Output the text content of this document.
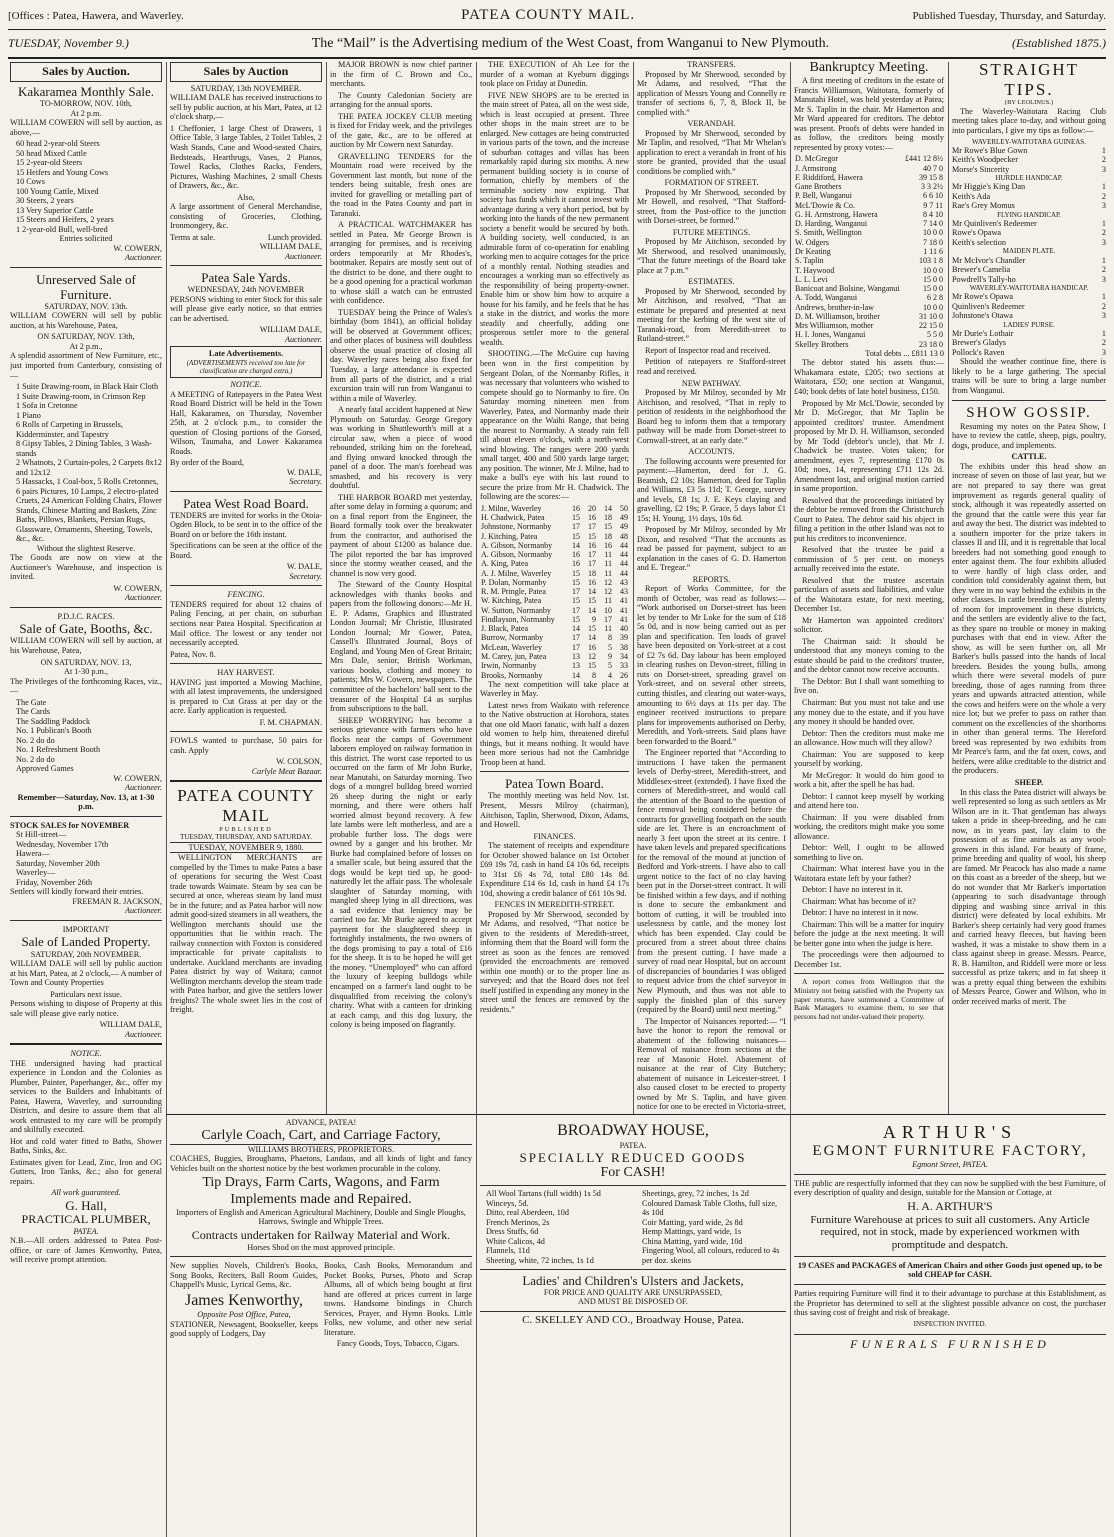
[Offices : Patea, Hawera, and Waverley.	PATEA COUNTY MAIL.	Published Tuesday, Thursday, and Saturday.
TUESDAY, November 9.)	The “Mail” is the Advertising medium of the West Coast, from Wanganui to New Plymouth.	(Established 1875.)
Sales by Auction.
Kakaramea Monthly Sale.
TO-MORROW, NOV. 10th,
At 2 p.m.

WILLIAM COWERN will sell by auction, as above,—

60 head 2-year-old Steers
50 head Mixed Cattle
15 2-year-old Steers
15 Heifers and Young Cows
10 Cows
100 Young Cattle, Mixed
30 Steers, 2 years
13 Very Superior Cattle
15 Steers and Heifers, 2 years
1 2-year-old Bull, well-bred
Entries solicited
W. COWERN,
Auctioneer.
Unreserved Sale of Furniture.
SATURDAY, NOV. 13th.

WILLIAM COWERN will sell by public auction, at his Warehouse, Patea,

ON SATURDAY, NOV. 13th,
At 2 p.m.,

A splendid assortment of New Furniture, etc., just imported from Canterbury, consisting of—

1 Suite Drawing-room, in Black Hair Cloth
1 Suite Drawing-room, in Crimson Rep
1 Sofa in Cretonne
1 Piano
6 Rolls of Carpeting in Brussels, Kidderminster, and Tapestry
8 Gipsy Tables, 2 Dining Tables, 3 Wash-stands
2 Whatnots, 2 Curtain-poles, 2 Carpets 8x12 and 12x12
5 Hassacks, 1 Coal-box, 5 Rolls Cretonnes, 6 pairs Pictures, 10 Lamps, 2 electro-plated Cruets, 24 American Folding Chairs, Flower Stands, Chinese Matting and Baskets, Zinc Baths, Pillows, Blankets, Persian Rugs, Glassware, Ornaments, Sheeting, Towels, &c., &c.
Without the slightest Reserve.

The Goods are now on view at the Auctioneer's Warehouse, and inspection is invited.

W. COWERN,
Auctioneer.
P.D.J.C. RACES.
Sale of Gate, Booths, &c.

WILLIAM COWERN will sell by auction, at his Warehouse, Patea,

ON SATURDAY, NOV. 13,
At 1-30 p.m.,

The Privileges of the forthcoming Races, viz.,—

The Gate
The Cards
The Saddling Paddock
No. 1 Publican's Booth
No. 2 do do
No. 1 Refreshment Booth
No. 2 do do
Approved Games
W. COWERN,
Auctioneer.
Remember—Saturday, Nov. 13, at 1-30 p.m.
STOCK SALES for NOVEMBER
St Hill-street—
Wednesday, November 17th
Hawera—
Saturday, November 20th
Waverley—
Friday, November 26th
Settlers will kindly forward their entries.
FREEMAN R. JACKSON,
Auctioneer.
IMPORTANT
Sale of Landed Property.
SATURDAY, 20th NOVEMBER.

WILLIAM DALE will sell by public auction at his Mart, Patea, at 2 o'clock,— A number of Town and County Properties

Particulars next issue.

Persons wishing to dispose of Property at this sale will please give early notice.

WILLIAM DALE,
Auctioneer.
NOTICE.

THE undersigned having had practical experience in London and the Colonies as Plumber, Painter, Paperhanger, &c., offer my services to the Builders and Inhabitants of Patea, Hawera, Waverley, and surrounding Districts, and desire to assure them that all work entrusted to my care will be promptly and skilfully executed.

Hot and cold water fitted to Baths, Shower Baths, Sinks, &c.

Estimates given for Lead, Zinc, Iron and OG Gutters, Iron Tanks, &c.; also for general repairs.

All work guaranteed.
G. Hall,
PRACTICAL PLUMBER,
PATEA.

N.B.—All orders addressed to Patea Post-office, or care of James Kenworthy, Patea, will receive prompt attention.

Sales by Auction
SATURDAY, 13th NOVEMBER.

WILLIAM DALE has received instructions to sell by public auction, at his Mart, Patea, at 12 o'clock sharp,—

1 Cheffonier, 1 large Chest of Drawers, 1 Office Table, 3 large Tables, 2 Toilet Tables, 2 Wash Stands, Cane and Wood-seated Chairs, Bedsteads, Hearthrugs, Vases, 2 Pianos, Towel Racks, Clothes Racks, Fenders, Pictures, Washing Machines, 2 small Chests of Drawers, &c., &c.

Also,

A large assortment of General Merchandise, consisting of Groceries, Clothing, Ironmongery, &c.

Terms at sale.	Lunch provided.
WILLIAM DALE,
Auctioneer.
Patea Sale Yards.
WEDNESDAY, 24th NOVEMBER

PERSONS wishing to enter Stock for this sale will please give early notice, so that entries can be advertised.

WILLIAM DALE,
Auctioneer.
Late Advertisements.
(ADVERTISEMENTS received too late for classification are charged extra.)
NOTICE.

A MEETING of Ratepayers in the Patea West Road Board District will be held in the Town Hall, Kakaramea, on Thursday, November 25th, at 2 o'clock p.m., to consider the question of Closing portions of the Gorsed, Wilson, Taumaha, and Lower Kakaramea Roads.

By order of the Board,
W. DALE,
Secretary.
Patea West Road Board.

TENDERS are invited for works in the Otoia-Ogden Block, to be sent in to the office of the Board on or before the 16th instant.

Specifications can be seen at the office of the Board.

W. DALE,
Secretary.
FENCING.

TENDERS required for about 12 chains of Paling Fencing, at per chain, on suburban sections near Patea Hospital. Specification at Mail office. The lowest or any tender not necessarily accepted.

Patea, Nov. 8.
HAY HARVEST.

HAVING just imported a Mowing Machine, with all latest improvements, the undersigned is prepared to Cut Grass at per day or the acre. Early application is requested.

F. M. CHAPMAN.

FOWLS wanted to purchase, 50 pairs for cash. Apply

W. COLSON,
Carlyle Meat Bazaar.
PATEA COUNTY MAIL
PUBLISHED
TUESDAY, THURSDAY, AND SATURDAY.
TUESDAY, NOVEMBER 9, 1880.

WELLINGTON MERCHANTS are compelled by the Times to make Patea a base of operations for securing the West Coast trade towards Waimate. Steam by sea can be secured at once, whereas steam by land must be in the future; and as Patea harbor will now admit good-sized steamers in all weathers, the Wellington merchants should use the opportunities that lie within reach. The railway connection with Foxton is considered impracticable for private capitalists to undertake. Auckland merchants are invading Patea district by way of Waitara; cannot Wellington merchants develop the steam trade with Patea harbor, and give the settlers lower freights? The whole sweet lies in the cost of freight.

MAJOR BROWN is now chief partner in the firm of C. Brown and Co., merchants.

The County Caledonian Society are arranging for the annual sports.

THE PATEA JOCKEY CLUB meeting is fixed for Friday week, and the privileges of the gate, &c., are to be offered at auction by Mr Cowern next Saturday.

GRAVELLING TENDERS for the Mountain road were received by the Government last month, but none of the tenders being suitable, fresh ones are invited for gravelling or metalling part of the road in the Patea County and part in Taranaki.

A PRACTICAL WATCHMAKER has settled in Patea. Mr George Brown is arranging for premises, and is receiving orders temporarily at Mr Rhodes's, bootmaker. Repairs are mostly sent out of the district to be done, and there ought to be a good opening for a practical workman to whose skill a watch can be entrusted with confidence.

TUESDAY being the Prince of Wales's birthday (born 1841), an official holiday will be observed at Government offices; and other places of business will doubtless observe the usual practice of closing all day. Waverley races being also fixed for Tuesday, a large attendance is expected from all parts of the district, and a trial excursion train will run from Wanganui to within a mile of Waverley.

A nearly fatal accident happened at New Plymouth on Saturday. George Gregory was working in Shuttleworth's mill at a circular saw, when a piece of wood rebounded, striking him on the forehead, and flying onward knocked through the panel of a door. The man's forehead was smashed, and his recovery is very doubtful.

THE HARBOR BOARD met yesterday, after some delay in forming a quorum; and on a final report from the Engineer, the Board formally took over the breakwater from the contractor, and authorised the payment of about £1200 as balance due. The pilot reported the bar has improved since the stormy weather ceased, and the channel is now very good.

The Steward of the County Hospital acknowledges with thanks books and papers from the following donors:—Mr H. E. P. Adams, Graphics and Illustrated London Journal; Mr Christie, Illustrated London Journal; Mr Gower, Patea, Cassell's Illustrated Journal, Boys of England, and Young Men of Great Britain; Mrs Dale, senior, British Workman, various books, clothing and money to patients; Mrs W. Cowern, newspapers. The committee of the bachelors' ball sent to the treasurer of the Hospital £4 as surplus from subscriptions to the ball.

SHEEP WORRYING has become a serious grievance with farmers who have flocks near the camps of Government laborers employed on railway formation in this district. The worst case reported to us occurred on the farm of Mr John Burke, near Manutahi, on Saturday morning. Two dogs of a mongrel bulldog breed worried 26 sheep during the night or early morning, and there were others half worried almost beyond recovery. A few late lambs were left motherless, and are a probable further loss. The dogs were owned by a ganger and his brother. Mr Burke had complained before of losses on a smaller scale, but being assured that the dogs would be kept tied up, he good-naturedly let the affair pass. The wholesale slaughter of Saturday morning, with mangled sheep lying in all directions, was a sad evidence that leniency may be carried too far. Mr Burke agreed to accept payment for the slaughtered sheep in fortnightly instalments, the two owners of the dogs promising to pay a total of £16 for the sheep. It is to be hoped he will get the money. “Unemployed” who can afford the luxury of keeping bulldogs while encamped on a farmer's land ought to be disqualified from receiving the colony's charity. What with a canteen for drinking at each camp, and this dog luxury, the colony is being imposed on flagrantly.

THE EXECUTION of Ah Lee for the murder of a woman at Kyeburn diggings took place on Friday at Dunedin.

FIVE NEW SHOPS are to be erected in the main street of Patea, all on the west side, which is least occupied at present. Three other shops in the main street are to be enlarged. New cottages are being constructed in various parts of the town, and the increase of suburban cottages and villas has been remarkably rapid during six months. A new permanent building society is in course of formation, chiefly by members of the terminable society now expiring. That society has funds which it cannot invest with advantage during a very short period, but by working into the hands of the new permanent society a benefit would be secured by both. A building society, well conducted, is an admirable form of co-operation for enabling working men to acquire cottages for the price of a monthly rental. Nothing steadies and encourages a working man so effectively as the responsibility of being property-owner. Enable him or show him how to acquire a house for his family, and he feels that he has a stake in the district, and works the more steadily and cheerfully, adding one prosperous settler more to the general wealth.

SHOOTING.—The McGuire cup having been won in the first competition by Sergeant Dolan, of the Normanby Rifles, it was necessary that volunteers who wished to compete should go to Normanby to fire. On Saturday morning nineteen men from Waverley, Patea, and Normanby made their appearance on the Waihi Range, that being the nearest to Normanby. A steady rain fell till about eleven o'clock, with a north-west wind blowing. The ranges were 200 yards small target, 400 and 500 yards large target; any position. The winner, Mr J. Milne, had to make a bull's eye with his last round to secure the prize from Mr H. Chadwick. The following are the scores:—

J. Milne, Waverley	16	20	14	50
H. Chadwick, Patea	15	16	18	49
Johnstone, Normanby	17	17	15	49
J. Kitching, Patea	15	15	18	48
A. Gibson, Normanby	14	16	16	44
A. Gibson, Normanby	16	17	11	44
A. King, Patea	16	17	11	44
A. J. Milne, Waverley	15	18	11	44
P. Dolan, Normanby	15	16	12	43
R. M. Pringle, Patea	17	14	12	43
W. Kitching, Patea	15	15	11	41
W. Sutton, Normanby	17	14	10	41
Findlayson, Normanby	15	9	17	41
J. Black, Patea	14	15	11	40
Burrow, Normanby	17	14	8	39
McLean, Waverley	17	16	5	38
M. Carey, jun, Patea	13	12	9	34
Irwin, Normanby	13	15	5	33
Brooks, Normanby	14	8	4	26

The next competition will take place at Waverley in May.

Latest news from Waikato with reference to the Native obstruction at Horohora, states that one old Maori fanatic, with half a dozen old women to help him, threatened direful things, but it means nothing. It would have been more serious had not the Cambridge Troop been at hand.

Patea Town Board.

The monthly meeting was held Nov. 1st. Present, Messrs Milroy (chairman), Aitchison, Taplin, Sherwood, Dixon, Adams, and Howell.

FINANCES.

The statement of receipts and expenditure for October showed balance on 1st October £69 19s 7d, cash in hand £4 10s 6d, receipts to 31st £6 4s 7d, total £80 14s 8d. Expenditure £14 6s 1d, cash in hand £4 17s 10d, showing a credit balance of £61 10s 9d.

FENCES IN MEREDITH-STREET.

Proposed by Mr Sherwood, seconded by Mr Adams, and resolved, “That notice be given to the residents of Meredith-street, informing them that the Board will form the street as soon as the fences are removed (provided the encroachments are removed within one month) or to the proper line as surveyed; and that the Board does not feel itself justified in expending any money in the street until the fences are removed by the residents.”

TRANSFERS.

Proposed by Mr Sherwood, seconded by Mr Adams, and resolved, “That the application of Messrs Young and Connelly re transfer of sections 6, 7, 8, Block II, be complied with.”

VERANDAH.

Proposed by Mr Sherwood, seconded by Mr Taplin, and resolved, “That Mr Whelan's application to erect a verandah in front of his store be granted, provided that the usual conditions be complied with.”

FORMATION OF STREET.

Proposed by Mr Sherwood, seconded by Mr Howell, and resolved, “That Stafford-street, from the Post-office to the junction with Dorset-street, be formed.”

FUTURE MEETINGS.

Proposed by Mr Aitchison, seconded by Mr Sherwood, and resolved unanimously, “That the future meetings of the Board take place at 7 p.m.”

ESTIMATES.

Proposed by Mr Sherwood, seconded by Mr Aitchison, and resolved, “That an estimate be prepared and presented at next meeting for the kerbing of the west site of Taranaki-road, from Meredith-street to Rutland-street.”

Report of Inspector read and received.

Petition of ratepayers re Stafford-street read and received.

NEW PATHWAY.

Proposed by Mr Milroy, seconded by Mr Aitchison, and resolved, “That in reply to petition of residents in the neighborhood the Board beg to inform them that a temporary pathway will be made from Dorset-street to Cornwall-street, at an early date.”

ACCOUNTS.

The following accounts were presented for payment:—Hamerton, deed for J. G. Beamish, £2 10s; Hamerton, deed for Taplin and Williams, £3 5s 11d; T. George, survey and levels, £8 1s; J. E. Keys claying and gravelling, £2 19s; P. Grace, 5 days labor £1 15s; H. Young, 1½ days, 10s 6d.

Proposed by Mr Milroy, seconded by Mr Dixon, and resolved “That the accounts as read be passed for payment, subject to an explanation in the cases of G. D. Hamerton and E. Tregear.”

REPORTS.

Report of Works Committee, for the month of October, was read as follows:— “Work authorised on Dorset-street has been let by tender to Mr Loke for the sum of £18 5s 0d, and is now being carried out as per plan and specification. Ten loads of gravel have been deposited on York-street at a cost of £2 7s 6d. Day labour has been employed in clearing rushes on Devon-street, filling in ruts on Dorset-street, spreading gravel on York-street, and on several other streets, cutting thistles, and clearing out water-ways, amounting to 6½ days at 11s per day. The engineer received instructions to prepare plans for improvements authorised on Derby, Meredith, and York-streets. Said plans have been forwarded to the Board.”

The Engineer reported that “According to instructions I have taken the permanent levels of Derby-street, Meredith-street, and Middlesex-street (extended). I have fixed the corners of Meredith-street, and would call the attention of the Board to the question of fence removal being considered before the contracts for gravelling footpath on the south side are let. There is an encroachment of nearly 3 feet upon the street at its centre. I have taken levels and prepared specifications for the removal of the mound at junction of Bedford and York-streets. I have also to call urgent notice to the fact of no clay having been put in the Dorset-street contract. It will be finished within a few days, and if nothing is done to secure the embankment and bottom of cutting, it will be troubled into uselessness by cattle, and the money lost which has been expended. Clay could be procured from a street about three chains from the present cutting. I have made a survey of road near Hospital, but on account of discrepancies of boundaries I was obliged to request advice from the chief surveyor in New Plymouth, and thus was not able to supply the finished plan of this survey (required by the Board) until next meeting.”

The Inspector of Nuisances reported:— “I have the honor to report the removal or abatement of the following nuisances—Removal of nuisance from sections at the rear of Masonic Hotel. Abatement of nuisance at the rear of City Butchery; abatement of nuisance in Leicester-street. I also caused closet to be erected to property owned by Mr S. Taplin, and have given notice for one to be erected in Victoria-street,

Bankruptcy Meeting.

A first meeting of creditors in the estate of Francis Williamson, Waitotara, formerly of Manutahi Hotel, was held yesterday at Patea; Mr S. Taplin in the chair. Mr Hamerton and Mr Ward appeared for creditors. The debtor was present. Proofs of debts were handed in as follow, the creditors being mostly represented by proxy votes:—

D. McGregor	£441 12 8½
J. Armstrong	40 7 0
F. Riddiford, Hawera	39 15 8
Gane Brothers	3 3 2½
P. Bell, Wanganui	6 6 10
McL'Dowie & Co.	9 7 11
G. H. Armstrong, Hawera	8 4 10
D. Harding, Wanganui	7 14 0
S. Smith, Wellington	10 0 0
W. Odgers	7 18 0
Dr Keating	1 11 6
S. Taplin	103 1 8
T. Haywood	10 0 0
L. L. Levi	15 0 0
Banicoat and Bolsine, Wanganui	15 0 0
A. Todd, Wanganui	6 2 8
Andrews, brother-in-law	10 0 0
D. M. Williamson, brother	31 10 0
Mrs Williamson, mother	22 15 0
H. I. Jones, Wanganui	5 5 0
Skelley Brothers	23 18 0
Total debts ... £811 13 0

The debtor stated his assets thus:— Whakamara estate, £205; two sections at Waitotara, £50; one section at Wanganui, £40; book debts of late hotel business, £150.

Proposed by Mr McL'Dowie, seconded by Mr D. McGregor, that Mr Taplin be appointed creditors' trustee. Amendment proposed by Mr D. H. Williamson, seconded by Mr Todd (debtor's uncle), that Mr J. Chadwick be trustee. Votes taken; for amendment, eyes 7, representing £170 0s 10d; noes, 14, representing £711 12s 2d. Amendment lost, and original motion carried in same proportion.

Resolved that the proceedings initiated by the debtor be removed from the Christchurch Court to Patea. The debtor said his object in filing a petition in the other Island was not to put his creditors to inconvenience.

Resolved that the trustee be paid a commission of 5 per cent. on moneys actually received into the estate.

Resolved that the trustee ascertain particulars of assets and liabilities, and value of the Waitotara estate, for next meeting, December 1st.

Mr Hamerton was appointed creditors' solicitor.

The Chairman said: It should be understood that any moneys coming to the estate should be paid to the creditors' trustee, and the debtor cannot now receive accounts.

The Debtor: But I shall want something to live on.

Chairman: But you must not take and use any money due to the estate, and if you have any money it should be handed over.

Debtor: Then the creditors must make me an allowance. How much will they allow?

Chairman: You are supposed to keep yourself by working.

Mr McGregor: It would do him good to work a bit, after the spell he has had.

Debtor: I cannot keep myself by working and attend here too.

Chairman: If you were disabled from working, the creditors might make you some allowance.

Debtor: Well, I ought to be allowed something to live on.

Chairman: What interest have you in the Waitotara estate left by your father?

Debtor: I have no interest in it.

Chairman: What has become of it?

Debtor: I have no interest in it now.

Chairman: This will be a matter for inquiry before the judge at the next meeting. It will be better gone into when the judge is here.

The proceedings were then adjourned to December 1st.

A report comes from Wellington that the Ministry not being satisfied with the Property tax paper returns, have summoned a Committee of Bank Managers to examine them, to see that persons had not under-valued their property.

STRAIGHT TIPS.
(BY LEOLINUS.)

The Waverley-Waitotara Racing Club meeting takes place to-day, and without going into particulars, I give my tips as follow:—

WAVERLEY-WAITOTARA GUINEAS.
Mr Rowe's Blue Gown	1
Keith's Woodpecker	2
Morse's Sincerity	3
HURDLE HANDICAP.
Mr Higgie's King Dan	1
Keith's Ada	2
Rae's Grey Momus	3
FLYING HANDICAP.
Mr Quinliven's Redeemer	1
Rowe's Opawa	2
Keith's selection	3
MAIDEN PLATE.
Mr McIvor's Chandler	1
Brewer's Camelia	2
Powdrell's Tally-ho	3
WAVERLEY-WAITOTARA HANDICAP.
Mr Rowe's Opawa	1
Quinliven's Redeemer	2
Johnstone's Otawa	3
LADIES' PURSE.
Mr Durie's Lothair	1
Brewer's Gladys	2
Pollock's Raven	3

Should the weather continue fine, there is likely to be a large gathering. The special trains will be sure to bring a large number from Wanganui.

SHOW GOSSIP.

Resuming my notes on the Patea Show, I have to review the cattle, sheep, pigs, poultry, dogs, produce, and implements.

CATTLE.

The exhibits under this head show an increase of seven on those of last year, but we are not prepared to say there was great improvement as regards general quality of stock, although it was repeatedly asserted on the ground that the cattle were this year far and away the best. The district was indebted to a southern importer for the prize takers in classes II and III, and it is regrettable that local breeders had not something good enough to enter against them. The four exhibits alluded to were hardly of high class order, and condition told considerably against them, but they were in no way behind the exhibits in the other classes. In cattle breeding there is plenty of room for improvement in these districts, and the settlers are evidently alive to the fact, as they spare no trouble or money in making purchases with that end in view. After the show, as will be seen further on, all Mr Barker's bulls passed into the hands of local breeders. Besides the young bulls, among which there were several models of pure breeding, those of ages running from three years and upwards attracted attention, while the cows and heifers were on the whole a very nice lot; but we prefer to pass on rather than comment on the excellencies of the shorthorns in other than general terms. The Hereford breed was represented by two exhibits from Mr Pearce's farm, and the fat oxen, cows, and heifers, were alike creditable to the district and the producers.

SHEEP.

In this class the Patea district will always be well represented so long as such settlers as Mr Wilson are in it. That gentleman has always taken a pride in sheep-breeding, and he can now, as in years past, lay claim to the possession of as fine animals as any wool-growers in this island. For beauty of frame, prime breeding and quality of wool, his sheep are famed. Mr Peacock has also made a name on this coast as a breeder of the sheep, but we do not wonder that Mr Barker's importation (appearing to such disadvantage through dipping and washing since arrival in this district) were defeated by local exhibits. Mr Barker's sheep certainly had very good frames and carried heavy fleeces, but having been washed, it was a mistake to show them in a class against sheep in grease. Messrs. Pearce, R. B. Hamilton, and Riddell were more or less successful as prize takers; and in fat sheep it was a pretty equal thing between the exhibits of Messrs Pearce, Gower and Wilson, who in order received marks of merit. The

ADVANCE, PATEA!
Carlyle Coach, Cart, and Carriage Factory,
WILLIAMS BROTHERS, PROPRIETORS.

COACHES, Buggies, Broughams, Phaetons, Landaus, and all kinds of light and fancy Vehicles built on the shortest notice by the best workmen procurable in the colony.

Tip Drays, Farm Carts, Wagons, and Farm
Implements made and Repaired.

Importers of English and American Agricultural Machinery, Double and Single Ploughs, Harrows, Swingle and Whipple Trees.

Contracts undertaken for Railway Material and Work.
Horses Shod on the most approved principle.

New supplies Novels, Children's Books, Song Books, Reciters, Ball Room Guides, Chappell's Music, Lyrical Gems, &c.

James Kenworthy,
Opposite Post Office, Patea,

STATIONER, Newsagent, Bookseller, keeps good supply of Lodgers, Day

Books, Cash Books, Memorandum and Pocket Books, Purses, Photo and Scrap Albums, all of which being bought at first hand are offered at prices current in large towns. Handsome bindings in Church Services, Prayer, and Hymn Books. Little Folks, new volume, and other new serial literature.

Fancy Goods, Toys, Tobacco, Cigars.
BROADWAY HOUSE,
PATEA.
SPECIALLY REDUCED GOODS
For CASH!
All Wool Tartans (full width) 1s 5d
Winceys, 5d.
Ditto, real Aberdeen, 10d
French Merinos, 2s
Dress Stuffs, 6d
White Calicos, 4d
Flannels, 11d
Sheeting, white, 72 inches, 1s 1d
Sheetings, grey, 72 inches, 1s 2d
Coloured Damask Table Cloths, full size, 4s 10d
Coir Matting, yard wide, 2s 8d
Hemp Mattings, yard wide, 1s
China Matting, yard wide, 10d
Fingering Wool, all colours, reduced to 4s per doz. skeins
Ladies' and Children's Ulsters and Jackets,
FOR PRICE AND QUALITY ARE UNSURPASSED,
AND MUST BE DISPOSED OF.
C. SKELLEY AND CO., Broadway House, Patea.
ARTHUR'S
EGMONT FURNITURE FACTORY,
Egmont Street, PATEA.

THE public are respectfully informed that they can now be supplied with the best Furniture, of every description of quality and design, suitable for the Mansion or Cottage, at

H. A. ARTHUR'S

Furniture Warehouse at prices to suit all customers. Any Article required, not in stock, made by experienced workmen with promptitude and despatch.

19 CASES and PACKAGES of American Chairs and other Goods just opened up, to be sold CHEAP for CASH.

Parties requiring Furniture will find it to their advantage to purchase at this Establishment, as the Proprietor has determined to sell at the slightest possible advance on cost, the purchaser thus saving cost of freight and risk of breakage.

INSPECTION INVITED.
FUNERALS FURNISHED
